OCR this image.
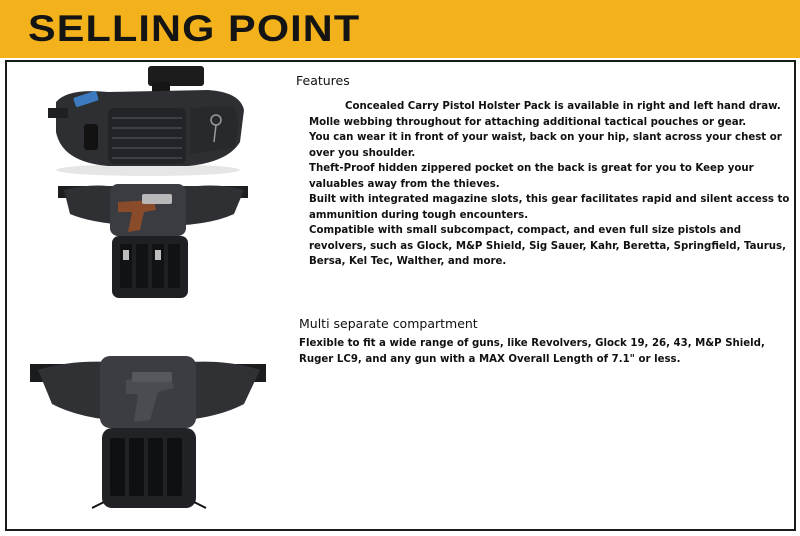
SELLING POINT
Features

Concealed Carry Pistol Holster Pack is available in right and left hand draw.

Molle webbing throughout for attaching additional tactical pouches or gear.

You can wear it in front of your waist, back on your hip, slant across your chest or over you shoulder.

Theft-Proof hidden zippered pocket on the back is great for you to Keep your valuables away from the thieves.

Built with integrated magazine slots, this gear facilitates rapid and silent access to ammunition during tough encounters.

Compatible with small subcompact, compact, and even full size pistols and revolvers, such as Glock, M&P Shield, Sig Sauer, Kahr, Beretta, Springfield, Taurus, Bersa, Kel Tec, Walther, and more.

Multi separate compartment

Flexible to fit a wide range of guns, like Revolvers, Glock 19, 26, 43, M&P Shield, Ruger LC9, and any gun with a MAX Overall Length of 7.1" or less.
